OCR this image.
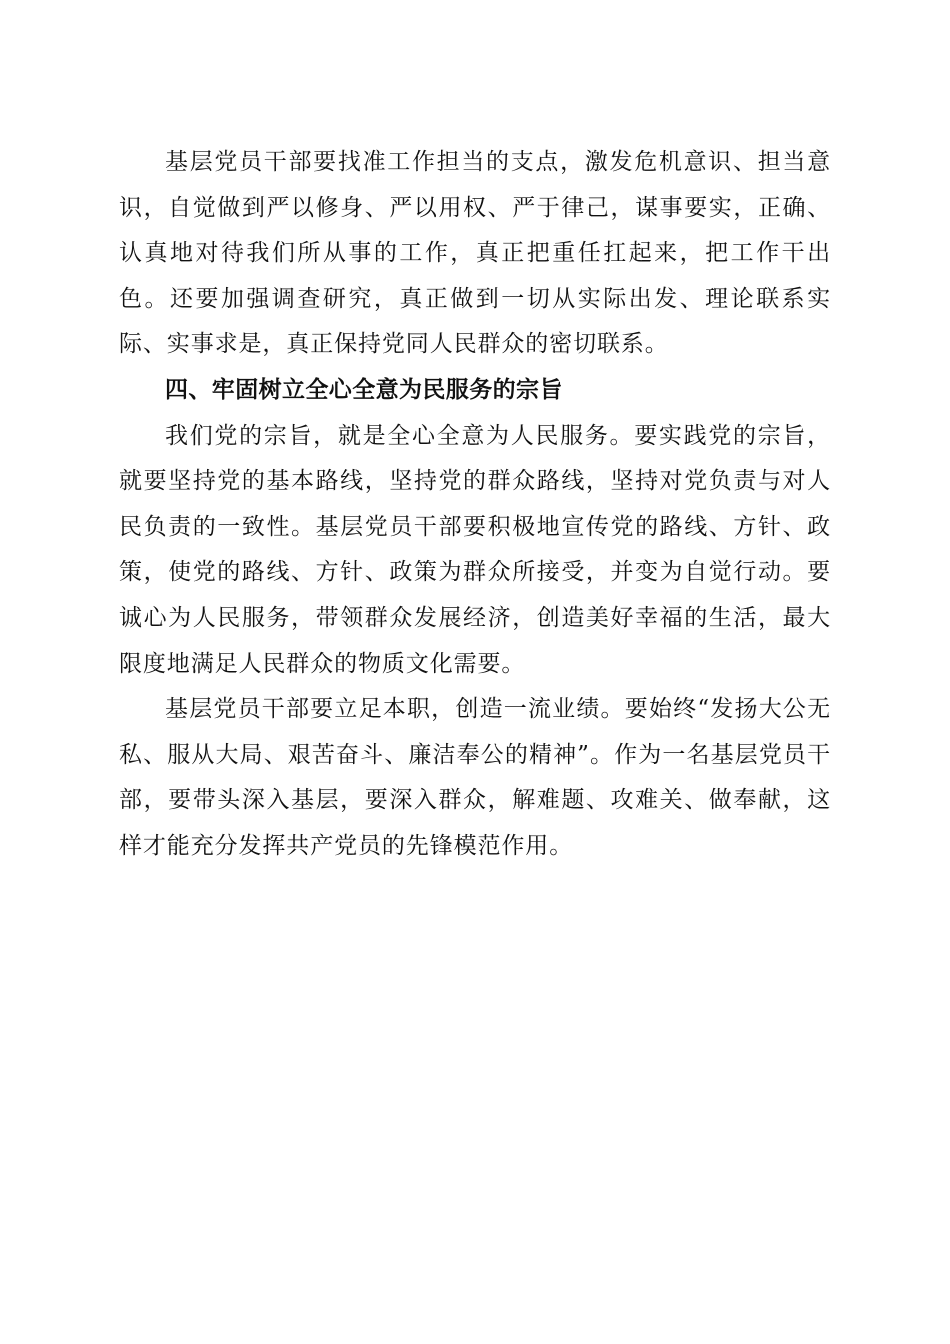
基层党员干部要找准工作担当的支点，激发危机意识、担当意识，自觉做到严以修身、严以用权、严于律己，谋事要实，正确、认真地对待我们所从事的工作，真正把重任扛起来，把工作干出色。还要加强调查研究，真正做到一切从实际出发、理论联系实际、实事求是，真正保持党同人民群众的密切联系。

四、牢固树立全心全意为民服务的宗旨

我们党的宗旨，就是全心全意为人民服务。要实践党的宗旨，就要坚持党的基本路线，坚持党的群众路线，坚持对党负责与对人民负责的一致性。基层党员干部要积极地宣传党的路线、方针、政策，使党的路线、方针、政策为群众所接受，并变为自觉行动。要诚心为人民服务，带领群众发展经济，创造美好幸福的生活，最大限度地满足人民群众的物质文化需要。

基层党员干部要立足本职，创造一流业绩。要始终“发扬大公无私、服从大局、艰苦奋斗、廉洁奉公的精神”。作为一名基层党员干部，要带头深入基层，要深入群众，解难题、攻难关、做奉献，这样才能充分发挥共产党员的先锋模范作用。
